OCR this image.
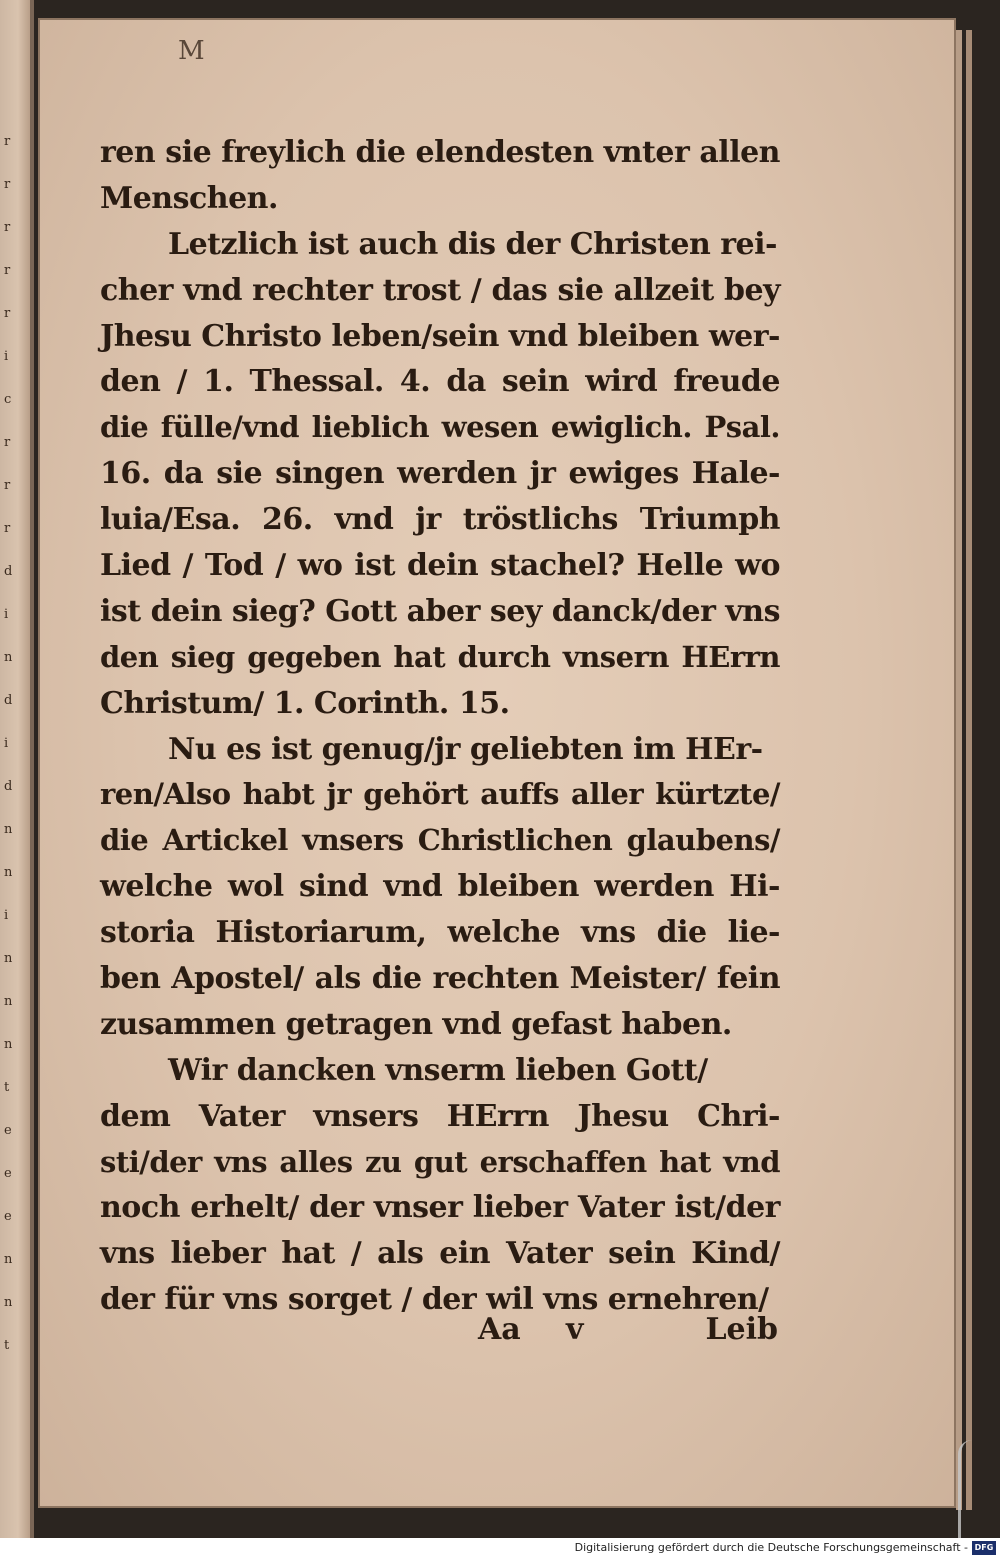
r
r
r
r
r
i
c
r
r
r
d
i
n
d
i
d
n
n
i
n
n
n
t
e
e
e
n
n
t
M
ren sie freylich die elendesten vnter allen
Menschen.
Letzlich ist auch dis der Christen rei-
cher vnd rechter trost / das sie allzeit bey
Jhesu Christo leben/sein vnd bleiben wer-
den / 1. Thessal. 4. da sein wird freude
die fülle/vnd lieblich wesen ewiglich. Psal.
16. da sie singen werden jr ewiges Hale-
luia/Esa. 26. vnd jr tröstlichs Triumph
Lied / Tod / wo ist dein stachel? Helle wo
ist dein sieg? Gott aber sey danck/der vns
den sieg gegeben hat durch vnsern HErrn
Christum/ 1. Corinth. 15.
Nu es ist genug/jr geliebten im HEr-
ren/Also habt jr gehört auffs aller kürtzte/
die Artickel vnsers Christlichen glaubens/
welche wol sind vnd bleiben werden Hi-
storia Historiarum, welche vns die lie-
ben Apostel/ als die rechten Meister/ fein
zusammen getragen vnd gefast haben.
Wir dancken vnserm lieben Gott/
dem Vater vnsers HErrn Jhesu Chri-
sti/der vns alles zu gut erschaffen hat vnd
noch erhelt/ der vnser lieber Vater ist/der
vns lieber hat / als ein Vater sein Kind/
der für vns sorget / der wil vns ernehren/
Aa v	Leib
Digitalisierung gefördert durch die Deutsche Forschungsgemeinschaft - DFG
